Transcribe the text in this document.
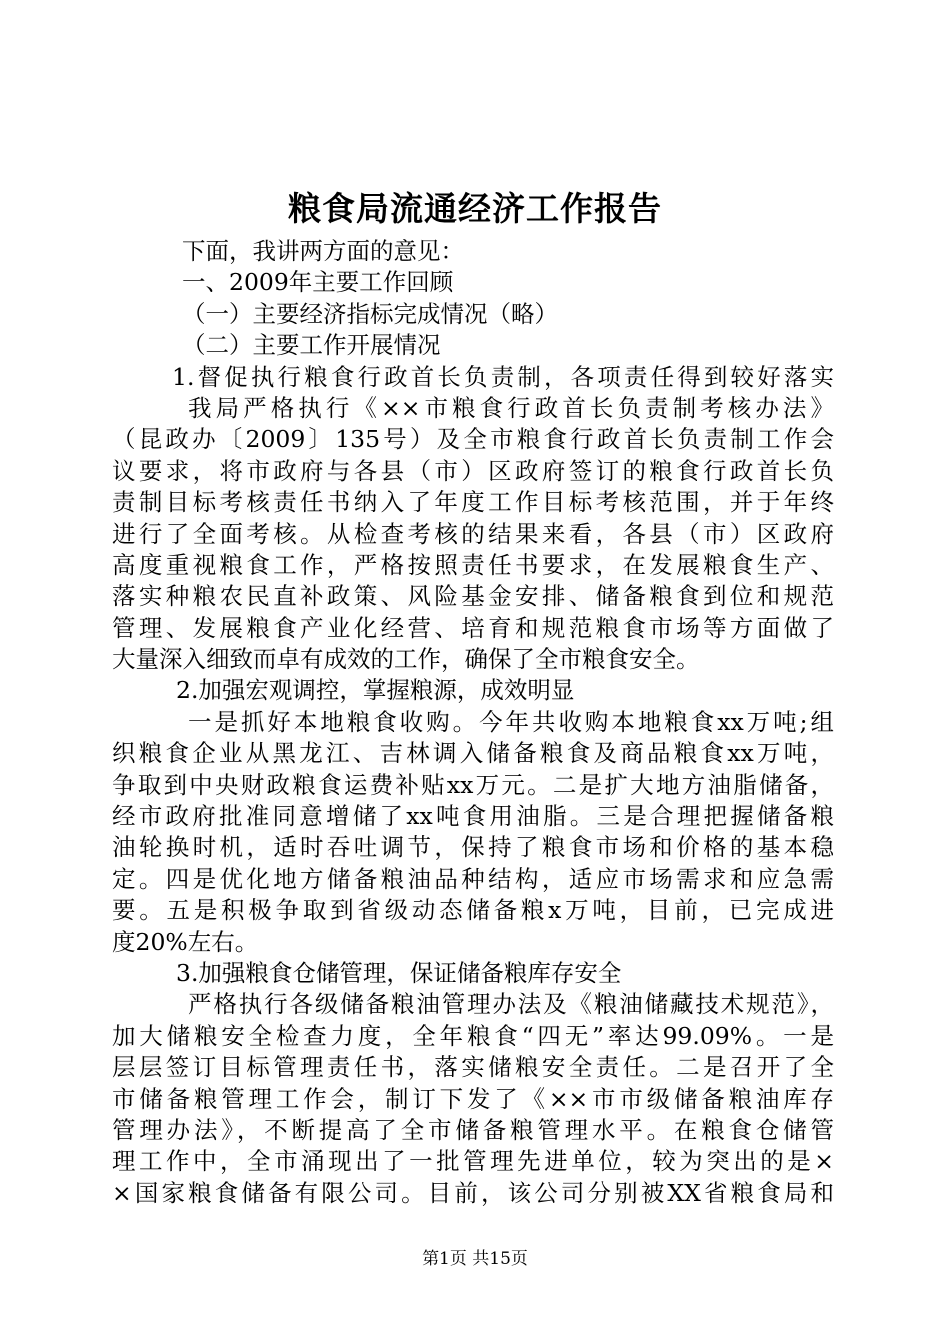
粮食局流通经济工作报告
下面，我讲两方面的意见：
一、2009年主要工作回顾
（一）主要经济指标完成情况（略）
（二）主要工作开展情况
1.督促执行粮食行政首长负责制，各项责任得到较好落实
我局严格执行《××市粮食行政首长负责制考核办法》
（昆政办〔2009〕135号）及全市粮食行政首长负责制工作会
议要求，将市政府与各县（市）区政府签订的粮食行政首长负
责制目标考核责任书纳入了年度工作目标考核范围，并于年终
进行了全面考核。从检查考核的结果来看，各县（市）区政府
高度重视粮食工作，严格按照责任书要求，在发展粮食生产、
落实种粮农民直补政策、风险基金安排、储备粮食到位和规范
管理、发展粮食产业化经营、培育和规范粮食市场等方面做了
大量深入细致而卓有成效的工作，确保了全市粮食安全。
2.加强宏观调控，掌握粮源，成效明显
一是抓好本地粮食收购。今年共收购本地粮食xx万吨;组
织粮食企业从黑龙江、吉林调入储备粮食及商品粮食xx万吨，
争取到中央财政粮食运费补贴xx万元。二是扩大地方油脂储备，
经市政府批准同意增储了xx吨食用油脂。三是合理把握储备粮
油轮换时机，适时吞吐调节，保持了粮食市场和价格的基本稳
定。四是优化地方储备粮油品种结构，适应市场需求和应急需
要。五是积极争取到省级动态储备粮x万吨，目前，已完成进
度20%左右。
3.加强粮食仓储管理，保证储备粮库存安全
严格执行各级储备粮油管理办法及《粮油储藏技术规范》，
加大储粮安全检查力度，全年粮食“四无”率达99.09%。一是
层层签订目标管理责任书，落实储粮安全责任。二是召开了全
市储备粮管理工作会，制订下发了《××市市级储备粮油库存
管理办法》，不断提高了全市储备粮管理水平。在粮食仓储管
理工作中，全市涌现出了一批管理先进单位，较为突出的是×
×国家粮食储备有限公司。目前，该公司分别被XX省粮食局和
第1页 共15页
